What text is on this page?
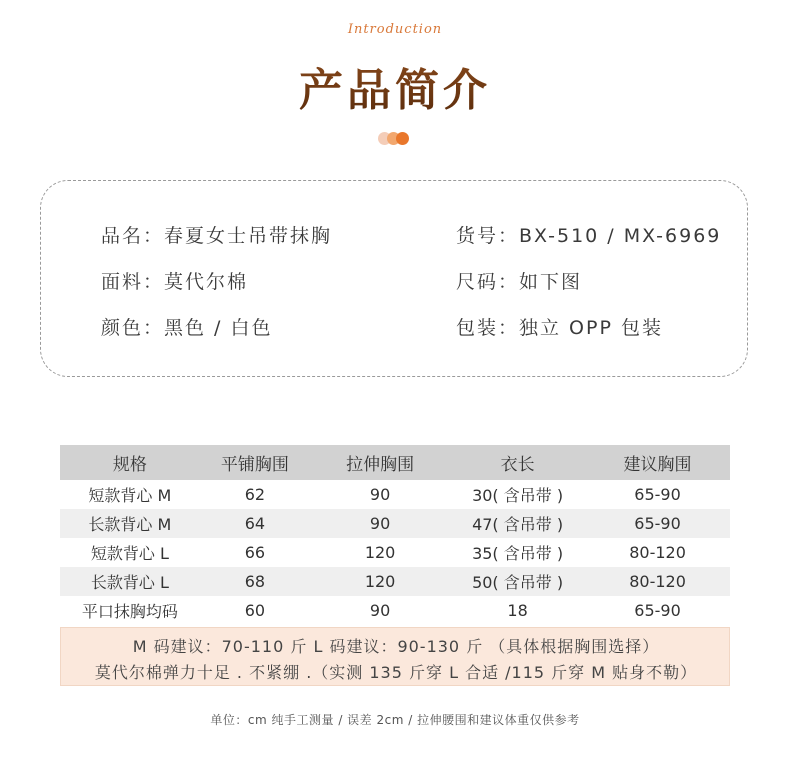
Introduction
产品简介
品名：春夏女士吊带抹胸	货号：BX-510 / MX-6969
面料：莫代尔棉	尺码：如下图
颜色：黑色 / 白色	包装：独立 OPP 包装
规格	平铺胸围	拉伸胸围	衣长	建议胸围
短款背心 M	62	90	30( 含吊带 )	65-90
长款背心 M	64	90	47( 含吊带 )	65-90
短款背心 L	66	120	35( 含吊带 )	80-120
长款背心 L	68	120	50( 含吊带 )	80-120
平口抹胸均码	60	90	18	65-90
M 码建议：70-110 斤 L 码建议：90-130 斤 （具体根据胸围选择）
莫代尔棉弹力十足 . 不紧绷 .（实测 135 斤穿 L 合适 /115 斤穿 M 贴身不勒）
单位：cm 纯手工测量 / 误差 2cm / 拉伸腰围和建议体重仅供参考
